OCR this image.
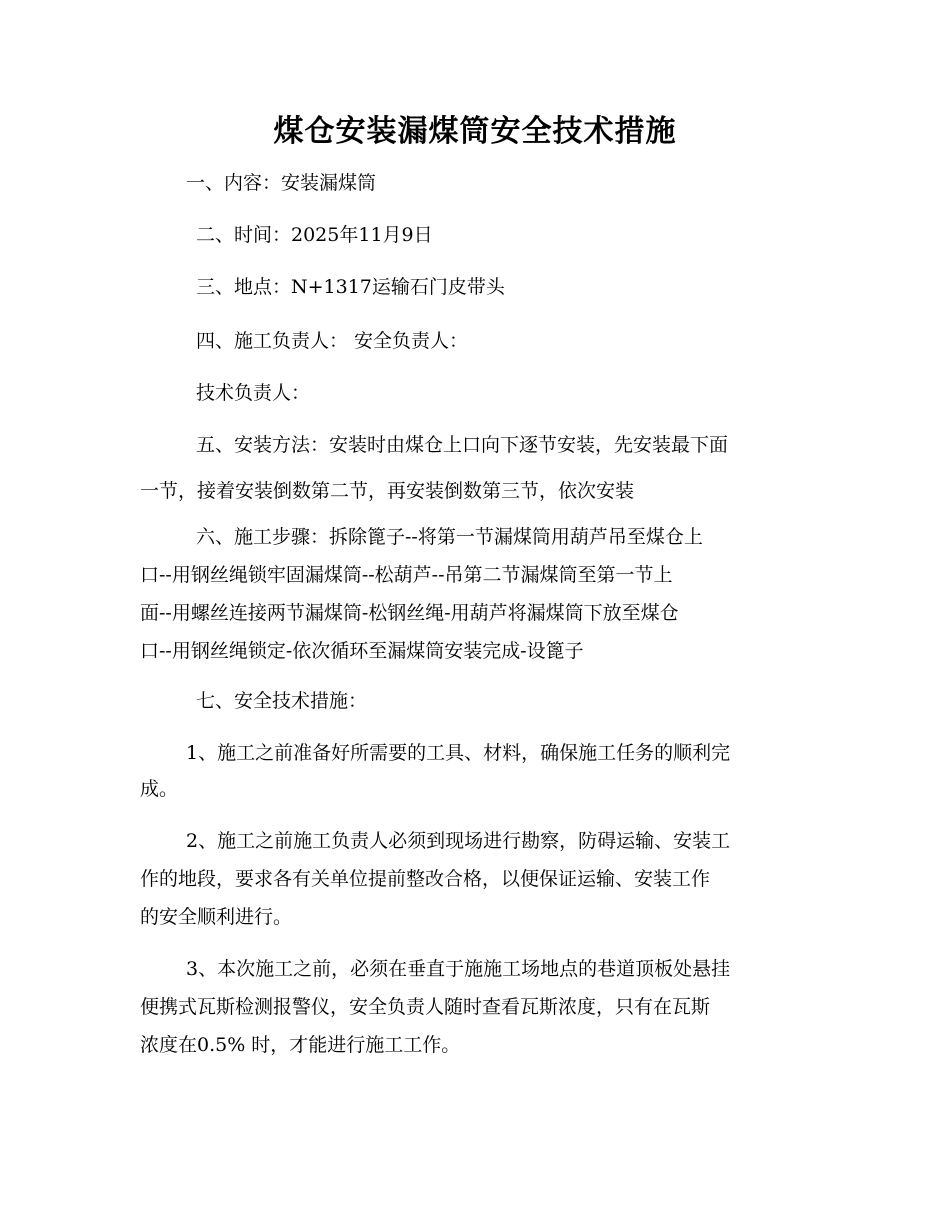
煤仓安装漏煤筒安全技术措施
一、内容：安装漏煤筒
二、时间：2025年11月9日
三、地点：N+1317运输石门皮带头
四、施工负责人： 安全负责人：
技术负责人：
五、安装方法：安装时由煤仓上口向下逐节安装，先安装最下面
一节，接着安装倒数第二节，再安装倒数第三节，依次安装
六、施工步骤：拆除篦子--将第一节漏煤筒用葫芦吊至煤仓上
口--用钢丝绳锁牢固漏煤筒--松葫芦--吊第二节漏煤筒至第一节上
面--用螺丝连接两节漏煤筒-松钢丝绳-用葫芦将漏煤筒下放至煤仓
口--用钢丝绳锁定-依次循环至漏煤筒安装完成-设篦子
七、安全技术措施：
1、施工之前准备好所需要的工具、材料，确保施工任务的顺利完
成。
2、施工之前施工负责人必须到现场进行勘察，防碍运输、安装工
作的地段，要求各有关单位提前整改合格，以便保证运输、安装工作
的安全顺利进行。
3、本次施工之前，必须在垂直于施施工场地点的巷道顶板处悬挂
便携式瓦斯检测报警仪，安全负责人随时查看瓦斯浓度，只有在瓦斯
浓度在0.5% 时，才能进行施工工作。
